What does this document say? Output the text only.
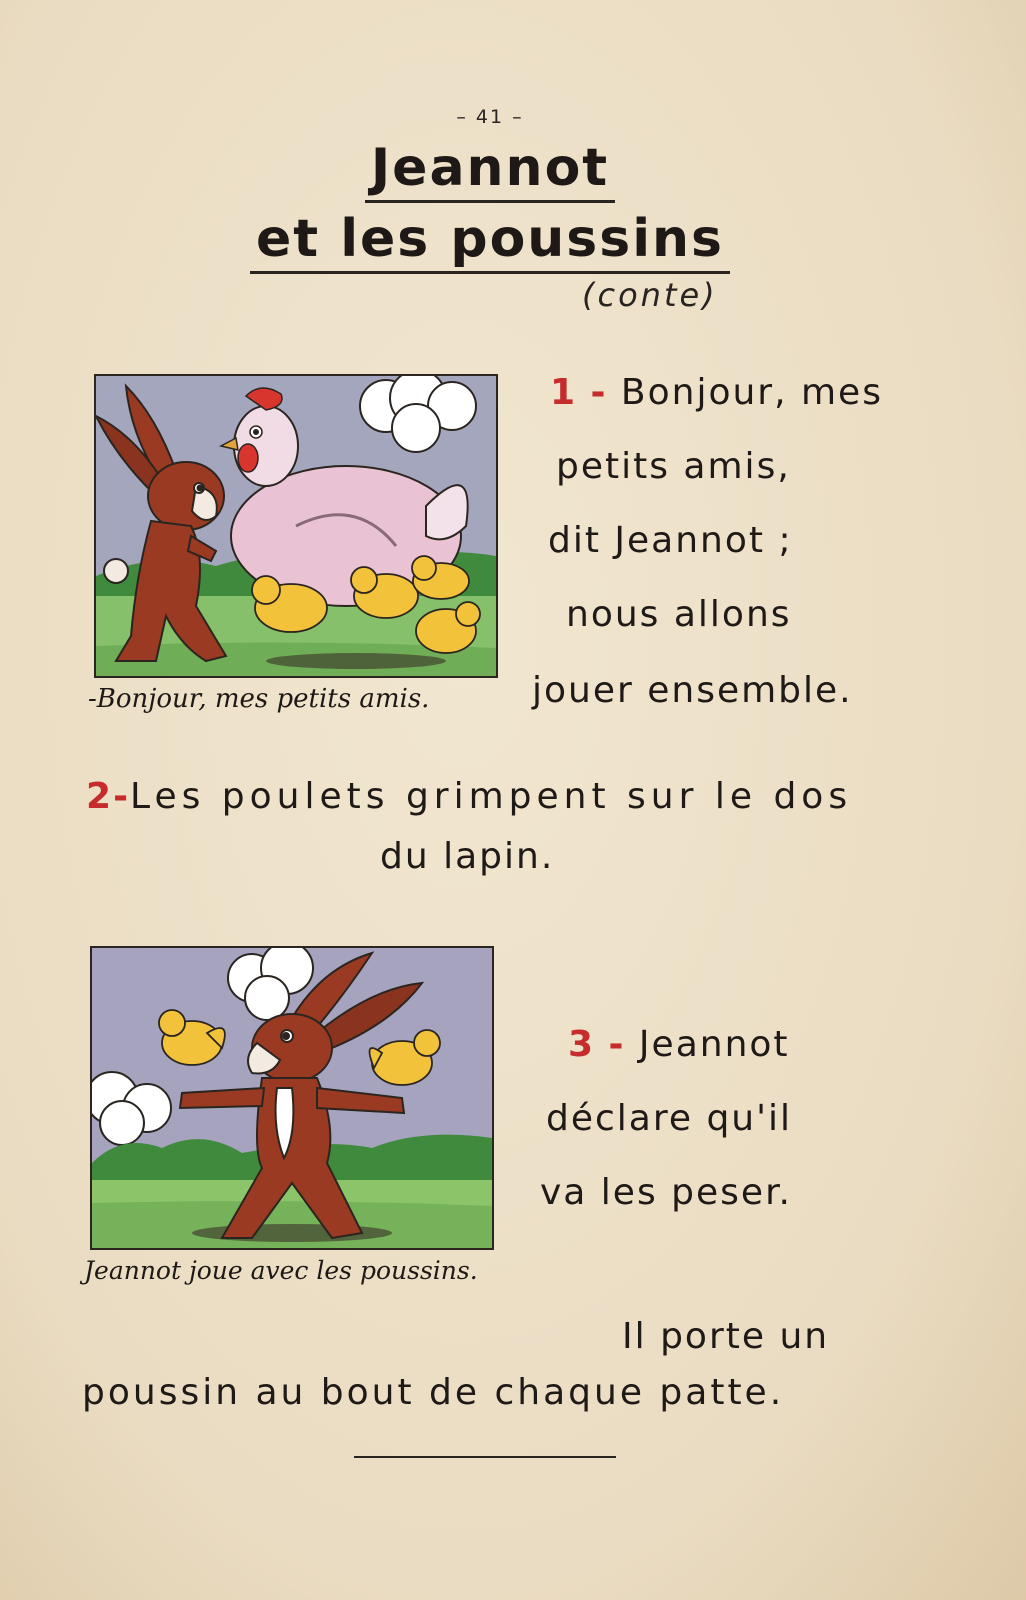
– 41 –
Jeannot
et les poussins
(conte)
-Bonjour, mes petits amis.
1 - Bonjour, mes
petits amis,
dit Jeannot ;
nous allons
jouer ensemble.
2-Les poulets grimpent sur le dos
du lapin.
Jeannot joue avec les poussins.
3 - Jeannot
déclare qu'il
va les peser.
Il porte un
poussin au bout de chaque patte.
